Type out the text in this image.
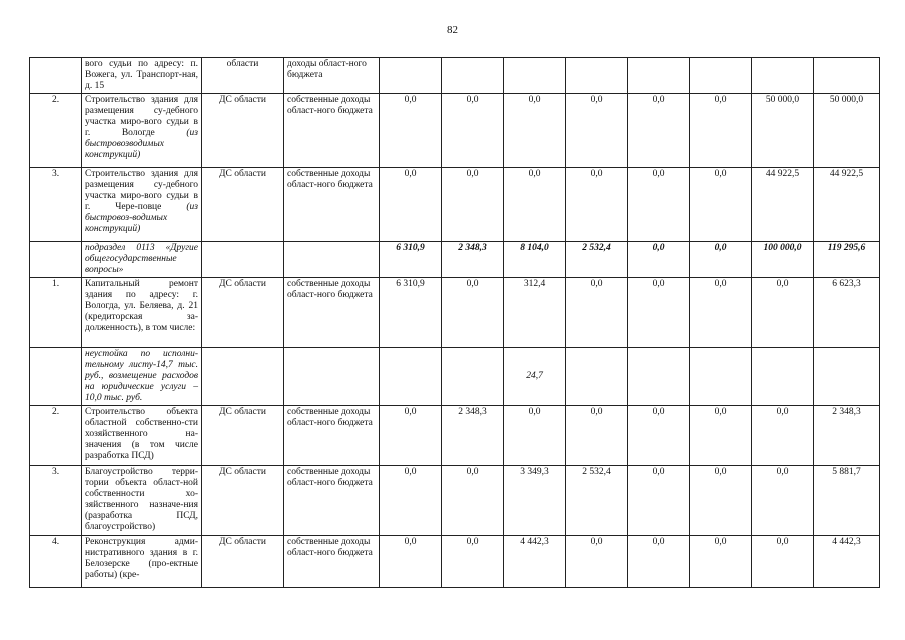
82
	вого судьи по адресу: п. Вожега, ул. Транспорт-ная, д. 15	области	доходы област-ного бюджета								
2.	Строительство здания для размещения су-дебного участка миро-вого судьи в г. Вологде (из быстровозводимых конструкций)	ДС области	собственные доходы област-ного бюджета	0,0	0,0	0,0	0,0	0,0	0,0	50 000,0	50 000,0
3.	Строительство здания для размещения су-дебного участка миро-вого судьи в г. Чере-повце (из быстровоз-водимых конструкций)	ДС области	собственные доходы област-ного бюджета	0,0	0,0	0,0	0,0	0,0	0,0	44 922,5	44 922,5
	подраздел 0113 «Другие общегосударственные вопросы»			6 310,9	2 348,3	8 104,0	2 532,4	0,0	0,0	100 000,0	119 295,6
1.	Капитальный ремонт здания по адресу: г. Вологда, ул. Беляева, д. 21 (кредиторская за-долженность), в том числе:	ДС области	собственные доходы област-ного бюджета	6 310,9	0,0	312,4	0,0	0,0	0,0	0,0	6 623,3
	неустойка по исполни-тельному листу-14,7 тыс. руб., возмещение расходов на юридические услуги – 10,0 тыс. руб.					24,7					
2.	Строительство объекта областной собственно-сти хозяйственного на-значения (в том числе разработка ПСД)	ДС области	собственные доходы област-ного бюджета	0,0	2 348,3	0,0	0,0	0,0	0,0	0,0	2 348,3
3.	Благоустройство терри-тории объекта област-ной собственности хо-зяйственного назначе-ния (разработка ПСД, благоустройство)	ДС области	собственные доходы област-ного бюджета	0,0	0,0	3 349,3	2 532,4	0,0	0,0	0,0	5 881,7
4.	Реконструкция адми-нистративного здания в г. Белозерске (про-ектные работы) (кре-	ДС области	собственные доходы област-ного бюджета	0,0	0,0	4 442,3	0,0	0,0	0,0	0,0	4 442,3
